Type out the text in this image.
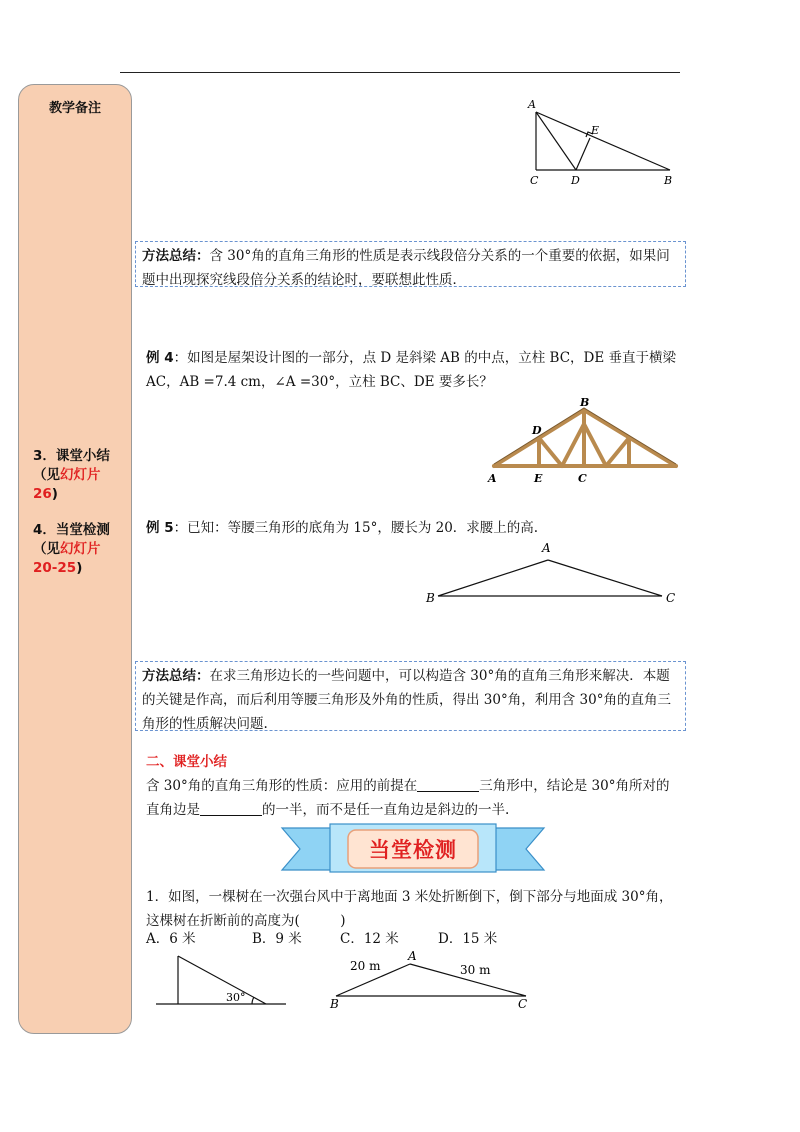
教学备注
3．课堂小结
（见幻灯片
26)
4．当堂检测
（见幻灯片
20-25)
A
E
C	D	B
方法总结：含 30°角的直角三角形的性质是表示线段倍分关系的一个重要的依据，如果问题中出现探究线段倍分关系的结论时，要联想此性质．
例 4：如图是屋架设计图的一部分，点 D 是斜梁 AB 的中点，立柱 BC，DE 垂直于横梁 AC，AB =7.4 cm，∠A =30°，立柱 BC、DE 要多长？
B
D
A	E	C
例 5：已知：等腰三角形的底角为 15°，腰长为 20．求腰上的高.
A
B	C
方法总结：在求三角形边长的一些问题中，可以构造含 30°角的直角三角形来解决．本题的关键是作高，而后利用等腰三角形及外角的性质，得出 30°角，利用含 30°角的直角三角形的性质解决问题.
二、课堂小结
含 30°角的直角三角形的性质：应用的前提在	三角形中，结论是 30°角所对的
直角边是	的一半，而不是任一直角边是斜边的一半.
当堂检测
1．如图，一棵树在一次强台风中于离地面 3 米处折断倒下，倒下部分与地面成 30°角，这棵树在折断前的高度为(　　　)
A．6 米	B．9 米	C．12 米	D．15 米
30°
A
B	C
20 m	30 m
